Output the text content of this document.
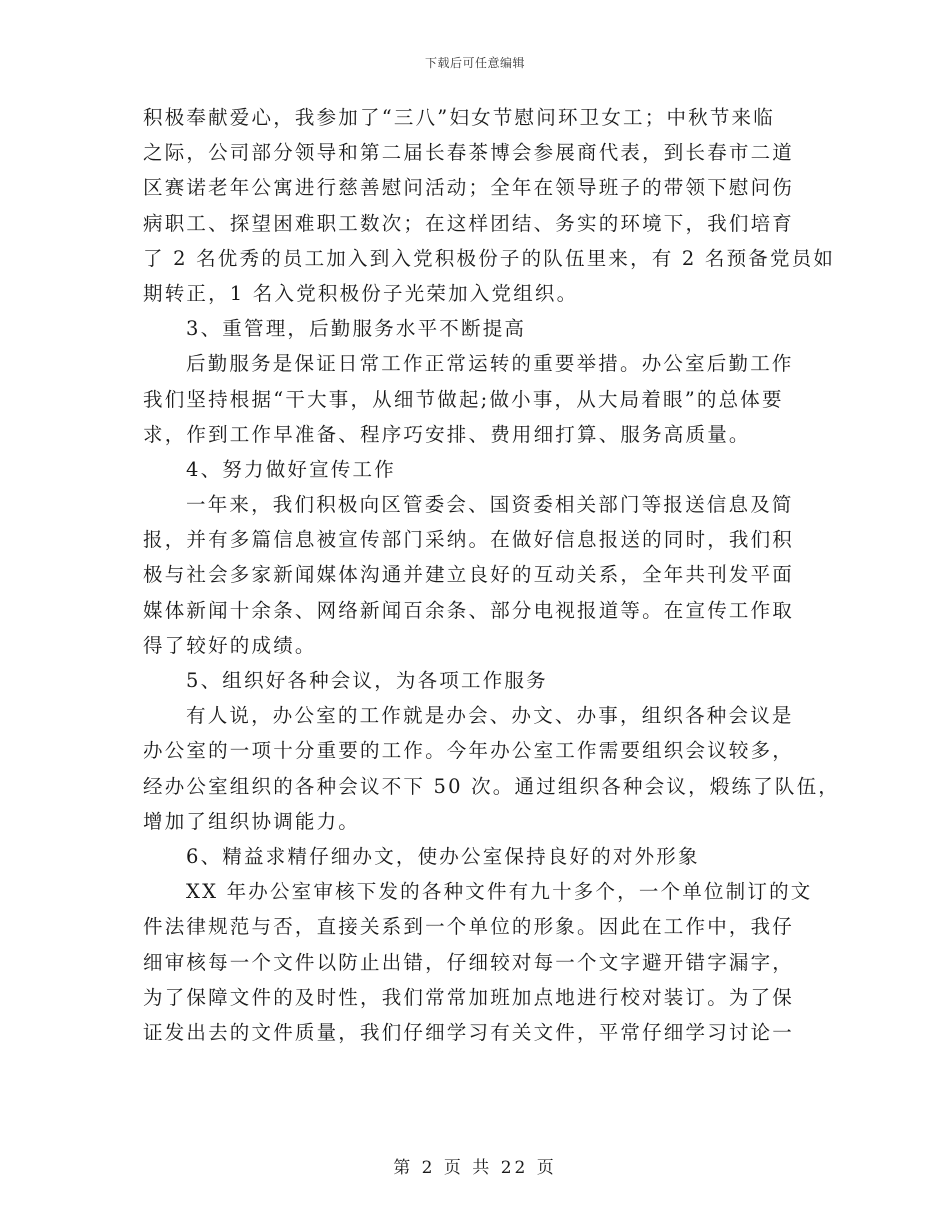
下载后可任意编辑
积极奉献爱心，我参加了“三八”妇女节慰问环卫女工；中秋节来临
之际，公司部分领导和第二届长春茶博会参展商代表，到长春市二道
区赛诺老年公寓进行慈善慰问活动；全年在领导班子的带领下慰问伤
病职工、探望困难职工数次；在这样团结、务实的环境下，我们培育
了 2 名优秀的员工加入到入党积极份子的队伍里来，有 2 名预备党员如
期转正，1 名入党积极份子光荣加入党组织。
3、重管理，后勤服务水平不断提高
后勤服务是保证日常工作正常运转的重要举措。办公室后勤工作
我们坚持根据“干大事，从细节做起;做小事，从大局着眼”的总体要
求，作到工作早准备、程序巧安排、费用细打算、服务高质量。
4、努力做好宣传工作
一年来，我们积极向区管委会、国资委相关部门等报送信息及简
报，并有多篇信息被宣传部门采纳。在做好信息报送的同时，我们积
极与社会多家新闻媒体沟通并建立良好的互动关系，全年共刊发平面
媒体新闻十余条、网络新闻百余条、部分电视报道等。在宣传工作取
得了较好的成绩。
5、组织好各种会议，为各项工作服务
有人说，办公室的工作就是办会、办文、办事，组织各种会议是
办公室的一项十分重要的工作。今年办公室工作需要组织会议较多，
经办公室组织的各种会议不下 50 次。通过组织各种会议，煅练了队伍，
增加了组织协调能力。
6、精益求精仔细办文，使办公室保持良好的对外形象
XX 年办公室审核下发的各种文件有九十多个，一个单位制订的文
件法律规范与否，直接关系到一个单位的形象。因此在工作中，我仔
细审核每一个文件以防止出错，仔细较对每一个文字避开错字漏字，
为了保障文件的及时性，我们常常加班加点地进行校对装订。为了保
证发出去的文件质量，我们仔细学习有关文件，平常仔细学习讨论一
第 2 页 共 22 页
